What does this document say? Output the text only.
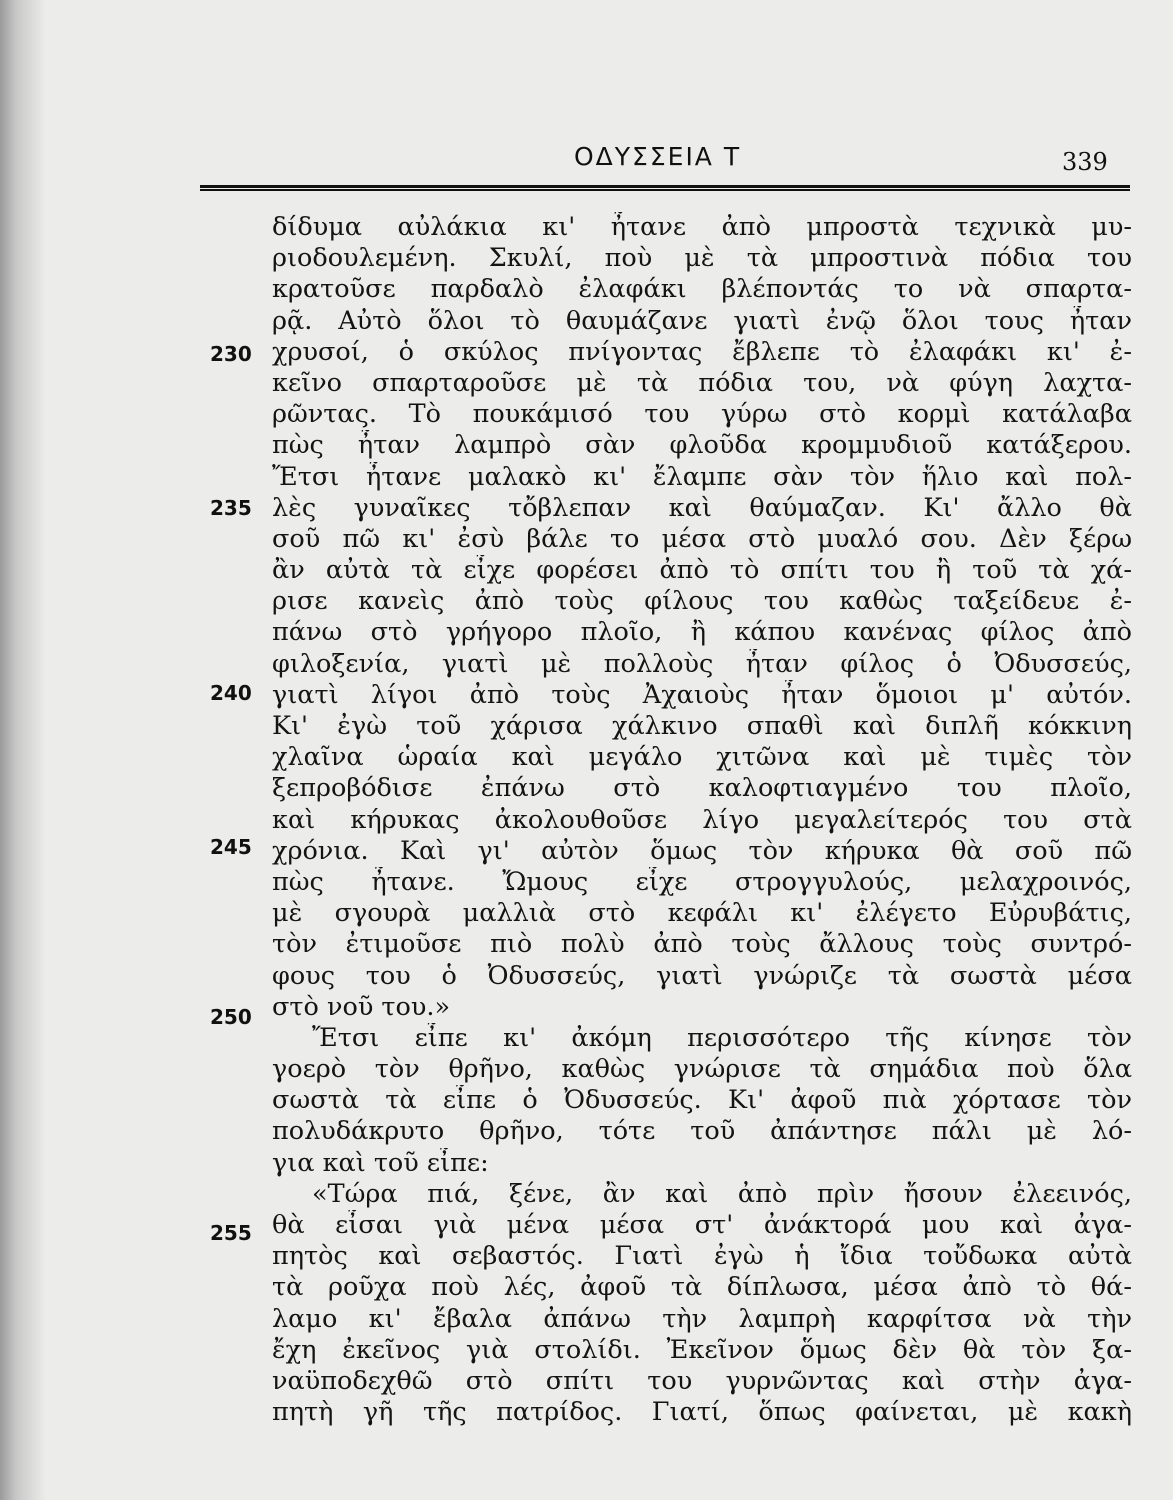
ΟΔΥΣΣΕΙΑ Τ	339
230
235
240
245
250
255
δίδυμα αὐλάκια κι' ἦτανε ἀπὸ μπροστὰ τεχνικὰ μυ-
ριοδουλεμένη. Σκυλί, ποὺ μὲ τὰ μπροστινὰ πόδια του
κρατοῦσε παρδαλὸ ἐλαφάκι βλέποντάς το νὰ σπαρτα-
ρᾷ. Αὐτὸ ὅλοι τὸ θαυμάζανε γιατὶ ἐνῷ ὅλοι τους ἦταν
χρυσοί, ὁ σκύλος πνίγοντας ἔβλεπε τὸ ἐλαφάκι κι' ἐ-
κεῖνο σπαρταροῦσε μὲ τὰ πόδια του, νὰ φύγη λαχτα-
ρῶντας. Τὸ πουκάμισό του γύρω στὸ κορμὶ κατάλαβα
πὼς ἦταν λαμπρὸ σὰν φλοῦδα κρομμυδιοῦ κατάξερου.
Ἔτσι ἦτανε μαλακὸ κι' ἔλαμπε σὰν τὸν ἥλιο καὶ πολ-
λὲς γυναῖκες τὄβλεπαν καὶ θαύμαζαν. Κι' ἄλλο θὰ
σοῦ πῶ κι' ἐσὺ βάλε το μέσα στὸ μυαλό σου. Δὲν ξέρω
ἂν αὐτὰ τὰ εἶχε φορέσει ἀπὸ τὸ σπίτι του ἢ τοῦ τὰ χά-
ρισε κανεὶς ἀπὸ τοὺς φίλους του καθὼς ταξείδευε ἐ-
πάνω στὸ γρήγορο πλοῖο, ἢ κάπου κανένας φίλος ἀπὸ
φιλοξενία, γιατὶ μὲ πολλοὺς ἦταν φίλος ὁ Ὀδυσσεύς,
γιατὶ λίγοι ἀπὸ τοὺς Ἀχαιοὺς ἦταν ὅμοιοι μ' αὐτόν.
Κι' ἐγὼ τοῦ χάρισα χάλκινο σπαθὶ καὶ διπλῆ κόκκινη
χλαῖνα ὡραία καὶ μεγάλο χιτῶνα καὶ μὲ τιμὲς τὸν
ξεπροβόδισε ἐπάνω στὸ καλοφτιαγμένο του πλοῖο,
καὶ κήρυκας ἀκολουθοῦσε λίγο μεγαλείτερός του στὰ
χρόνια. Καὶ γι' αὐτὸν ὅμως τὸν κήρυκα θὰ σοῦ πῶ
πὼς ἦτανε. Ὤμους εἶχε στρογγυλούς, μελαχροινός,
μὲ σγουρὰ μαλλιὰ στὸ κεφάλι κι' ἐλέγετο Εὐρυβάτις,
τὸν ἐτιμοῦσε πιὸ πολὺ ἀπὸ τοὺς ἄλλους τοὺς συντρό-
φους του ὁ Ὀδυσσεύς, γιατὶ γνώριζε τὰ σωστὰ μέσα
στὸ νοῦ του.»
Ἔτσι εἶπε κι' ἀκόμη περισσότερο τῆς κίνησε τὸν
γοερὸ τὸν θρῆνο, καθὼς γνώρισε τὰ σημάδια ποὺ ὅλα
σωστὰ τὰ εἶπε ὁ Ὀδυσσεύς. Κι' ἀφοῦ πιὰ χόρτασε τὸν
πολυδάκρυτο θρῆνο, τότε τοῦ ἀπάντησε πάλι μὲ λό-
για καὶ τοῦ εἶπε:
«Τώρα πιά, ξένε, ἂν καὶ ἀπὸ πρὶν ἤσουν ἐλεεινός,
θὰ εἶσαι γιὰ μένα μέσα στ' ἀνάκτορά μου καὶ ἀγα-
πητὸς καὶ σεβαστός. Γιατὶ ἐγὼ ἡ ἴδια τοὔδωκα αὐτὰ
τὰ ροῦχα ποὺ λές, ἀφοῦ τὰ δίπλωσα, μέσα ἀπὸ τὸ θά-
λαμο κι' ἔβαλα ἀπάνω τὴν λαμπρὴ καρφίτσα νὰ τὴν
ἔχη ἐκεῖνος γιὰ στολίδι. Ἐκεῖνον ὅμως δὲν θὰ τὸν ξα-
ναϋποδεχθῶ στὸ σπίτι του γυρνῶντας καὶ στὴν ἀγα-
πητὴ γῆ τῆς πατρίδος. Γιατί, ὅπως φαίνεται, μὲ κακὴ
